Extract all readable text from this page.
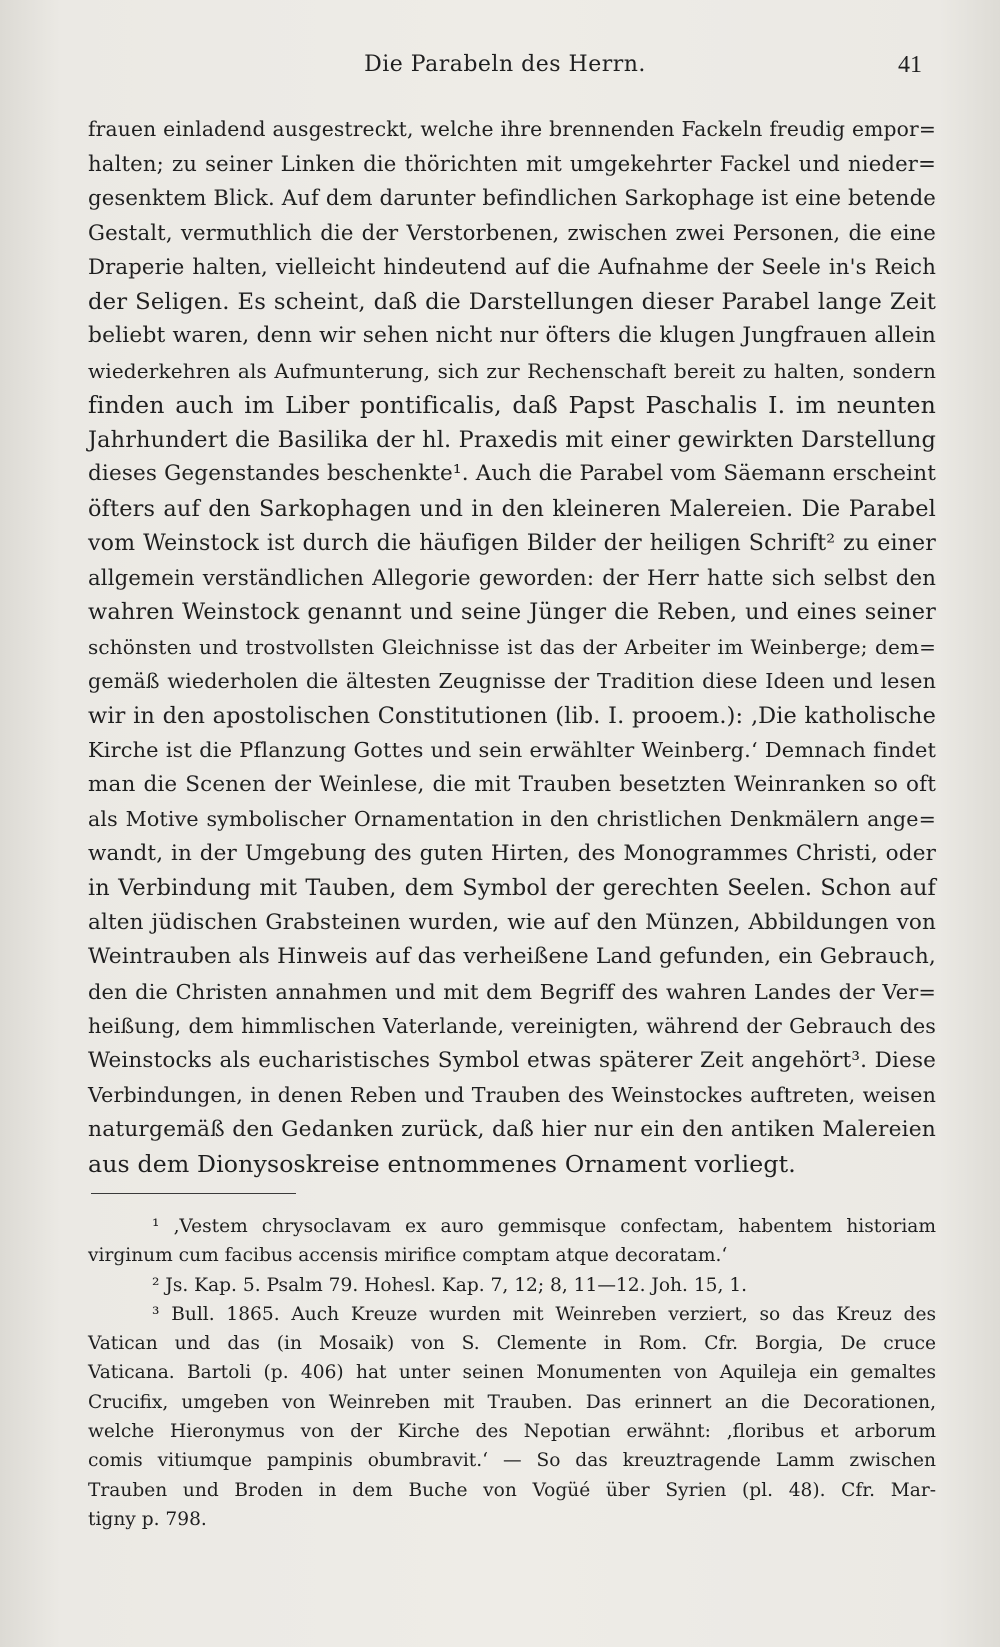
Die Parabeln des Herrn.	41
frauen einladend ausgestreckt, welche ihre brennenden Fackeln freudig empor=
halten; zu seiner Linken die thörichten mit umgekehrter Fackel und nieder=
gesenktem Blick. Auf dem darunter befindlichen Sarkophage ist eine betende
Gestalt, vermuthlich die der Verstorbenen, zwischen zwei Personen, die eine
Draperie halten, vielleicht hindeutend auf die Aufnahme der Seele in's Reich
der Seligen. Es scheint, daß die Darstellungen dieser Parabel lange Zeit
beliebt waren, denn wir sehen nicht nur öfters die klugen Jungfrauen allein
wiederkehren als Aufmunterung, sich zur Rechenschaft bereit zu halten, sondern
finden auch im Liber pontificalis, daß Papst Paschalis I. im neunten
Jahrhundert die Basilika der hl. Praxedis mit einer gewirkten Darstellung
dieses Gegenstandes beschenkte¹. Auch die Parabel vom Säemann erscheint
öfters auf den Sarkophagen und in den kleineren Malereien. Die Parabel
vom Weinstock ist durch die häufigen Bilder der heiligen Schrift² zu einer
allgemein verständlichen Allegorie geworden: der Herr hatte sich selbst den
wahren Weinstock genannt und seine Jünger die Reben, und eines seiner
schönsten und trostvollsten Gleichnisse ist das der Arbeiter im Weinberge; dem=
gemäß wiederholen die ältesten Zeugnisse der Tradition diese Ideen und lesen
wir in den apostolischen Constitutionen (lib. I. prooem.): ‚Die katholische
Kirche ist die Pflanzung Gottes und sein erwählter Weinberg.‘ Demnach findet
man die Scenen der Weinlese, die mit Trauben besetzten Weinranken so oft
als Motive symbolischer Ornamentation in den christlichen Denkmälern ange=
wandt, in der Umgebung des guten Hirten, des Monogrammes Christi, oder
in Verbindung mit Tauben, dem Symbol der gerechten Seelen. Schon auf
alten jüdischen Grabsteinen wurden, wie auf den Münzen, Abbildungen von
Weintrauben als Hinweis auf das verheißene Land gefunden, ein Gebrauch,
den die Christen annahmen und mit dem Begriff des wahren Landes der Ver=
heißung, dem himmlischen Vaterlande, vereinigten, während der Gebrauch des
Weinstocks als eucharistisches Symbol etwas späterer Zeit angehört³. Diese
Verbindungen, in denen Reben und Trauben des Weinstockes auftreten, weisen
naturgemäß den Gedanken zurück, daß hier nur ein den antiken Malereien
aus dem Dionysoskreise entnommenes Ornament vorliegt.
¹ ‚Vestem chrysoclavam ex auro gemmisque confectam, habentem historiam
virginum cum facibus accensis mirifice comptam atque decoratam.‘
² Js. Kap. 5. Psalm 79. Hohesl. Kap. 7, 12; 8, 11—12. Joh. 15, 1.
³ Bull. 1865. Auch Kreuze wurden mit Weinreben verziert, so das Kreuz des
Vatican und das (in Mosaik) von S. Clemente in Rom. Cfr. Borgia, De cruce
Vaticana. Bartoli (p. 406) hat unter seinen Monumenten von Aquileja ein gemaltes
Crucifix, umgeben von Weinreben mit Trauben. Das erinnert an die Decorationen,
welche Hieronymus von der Kirche des Nepotian erwähnt: ‚floribus et arborum
comis vitiumque pampinis obumbravit.‘ — So das kreuztragende Lamm zwischen
Trauben und Broden in dem Buche von Vogüé über Syrien (pl. 48). Cfr. Mar-
tigny p. 798.
